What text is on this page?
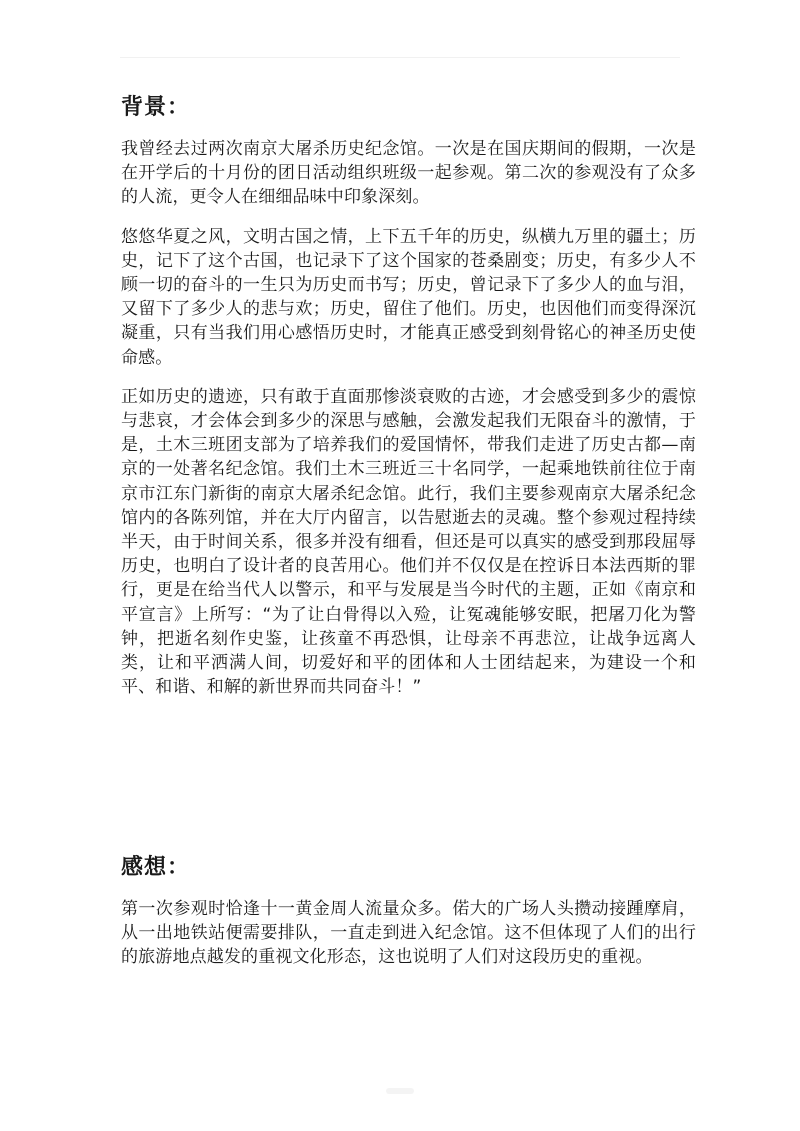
背景：

我曾经去过两次南京大屠杀历史纪念馆。一次是在国庆期间的假期，一次是在开学后的十月份的团日活动组织班级一起参观。第二次的参观没有了众多的人流，更令人在细细品味中印象深刻。

悠悠华夏之风，文明古国之情，上下五千年的历史，纵横九万里的疆土；历史，记下了这个古国，也记录下了这个国家的苍桑剧变；历史，有多少人不顾一切的奋斗的一生只为历史而书写；历史，曾记录下了多少人的血与泪，又留下了多少人的悲与欢；历史，留住了他们。历史，也因他们而变得深沉凝重，只有当我们用心感悟历史时，才能真正感受到刻骨铭心的神圣历史使命感。

正如历史的遗迹，只有敢于直面那惨淡衰败的古迹，才会感受到多少的震惊与悲哀，才会体会到多少的深思与感触，会激发起我们无限奋斗的激情，于是，土木三班团支部为了培养我们的爱国情怀，带我们走进了历史古都—南京的一处著名纪念馆。我们土木三班近三十名同学，一起乘地铁前往位于南京市江东门新街的南京大屠杀纪念馆。此行，我们主要参观南京大屠杀纪念馆内的各陈列馆，并在大厅内留言，以告慰逝去的灵魂。整个参观过程持续半天，由于时间关系，很多并没有细看，但还是可以真实的感受到那段屈辱历史，也明白了设计者的良苦用心。他们并不仅仅是在控诉日本法西斯的罪行，更是在给当代人以警示，和平与发展是当今时代的主题，正如《南京和平宣言》上所写：“为了让白骨得以入殓，让冤魂能够安眠，把屠刀化为警钟，把逝名刻作史鉴，让孩童不再恐惧，让母亲不再悲泣，让战争远离人类，让和平洒满人间，切爱好和平的团体和人士团结起来，为建设一个和平、和谐、和解的新世界而共同奋斗！”

感想：

第一次参观时恰逢十一黄金周人流量众多。偌大的广场人头攒动接踵摩肩，从一出地铁站便需要排队，一直走到进入纪念馆。这不但体现了人们的出行的旅游地点越发的重视文化形态，这也说明了人们对这段历史的重视。
